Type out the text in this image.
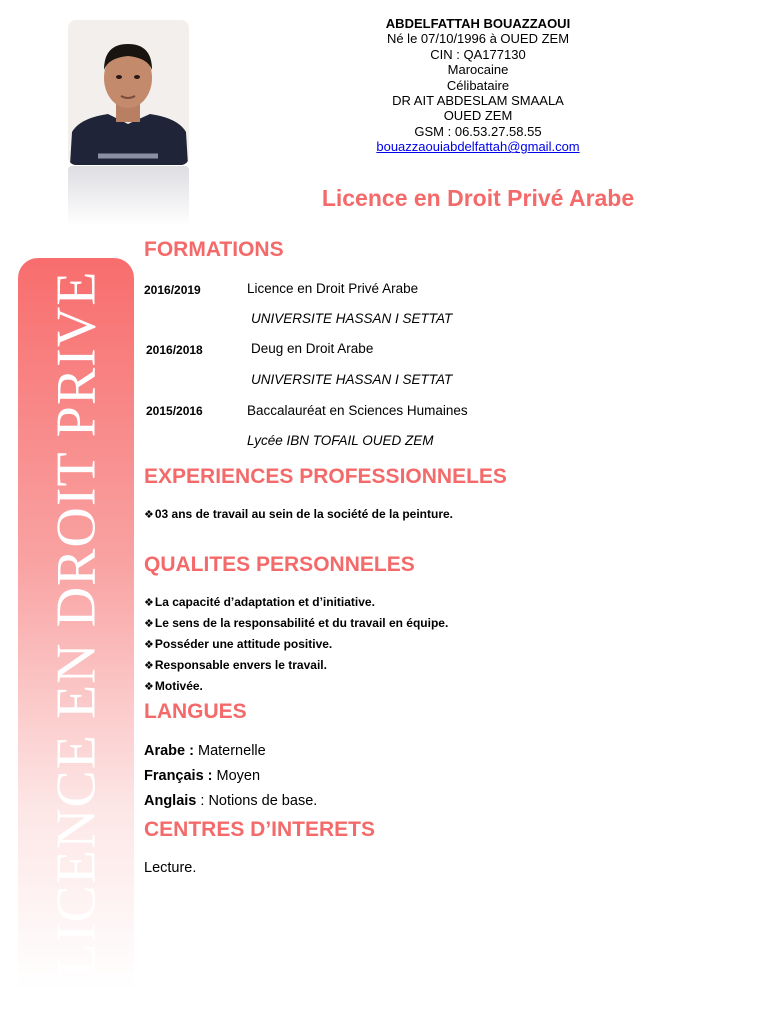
LICENCE EN DROIT PRIVE
ABDELFATTAH BOUAZZAOUI
Né le 07/10/1996 à OUED ZEM
CIN : QA177130
Marocaine
Célibataire
DR AIT ABDESLAM SMAALA
OUED ZEM
GSM : 06.53.27.58.55
bouazzaouiabdelfattah@gmail.com
Licence en Droit Privé Arabe
FORMATIONS
2016/2019	Licence en Droit Privé Arabe
UNIVERSITE HASSAN I SETTAT
2016/2018	Deug en Droit Arabe
UNIVERSITE HASSAN I SETTAT
2015/2016	Baccalauréat en Sciences Humaines
Lycée IBN TOFAIL OUED ZEM
EXPERIENCES PROFESSIONNELES
❖03 ans de travail au sein de la société de la peinture.
QUALITES PERSONNELES
❖La capacité d’adaptation et d’initiative.
❖Le sens de la responsabilité et du travail en équipe.
❖Posséder une attitude positive.
❖Responsable envers le travail.
❖Motivée.
LANGUES
Arabe : Maternelle
Français : Moyen
Anglais : Notions de base.
CENTRES D’INTERETS
Lecture.
